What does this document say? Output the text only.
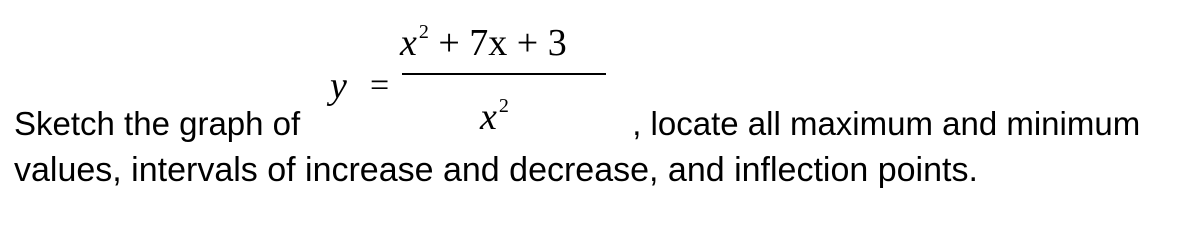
y =
x $^2$ + 7x + 3
x $^2$
Sketch the graph of	, locate all maximum and minimum
values, intervals of increase and decrease, and inflection points.
